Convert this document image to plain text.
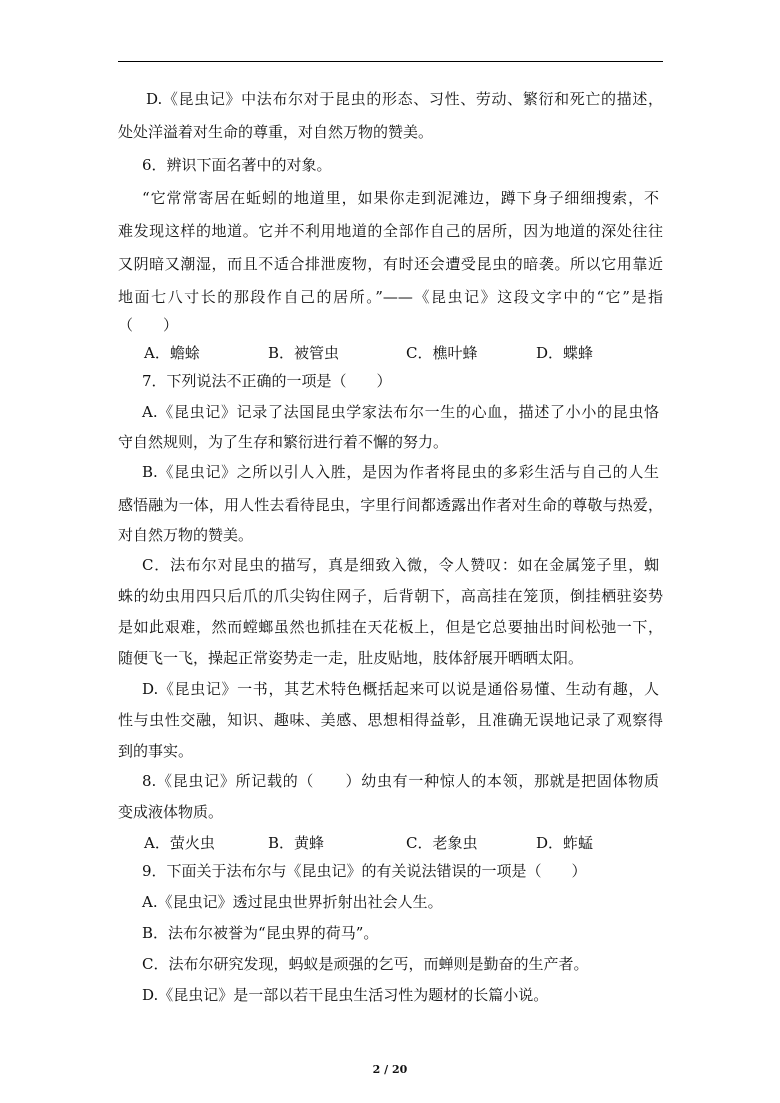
D.《昆虫记》中法布尔对于昆虫的形态、习性、劳动、繁衍和死亡的描述，
处处洋溢着对生命的尊重，对自然万物的赞美。
6．辨识下面名著中的对象。
“它常常寄居在蚯蚓的地道里，如果你走到泥滩边，蹲下身子细细搜索，不
难发现这样的地道。它并不利用地道的全部作自己的居所，因为地道的深处往往
又阴暗又潮湿，而且不适合排泄废物，有时还会遭受昆虫的暗袭。所以它用靠近
地面七八寸长的那段作自己的居所。”——《昆虫记》这段文字中的“它”是指
（　　）
A．蟾蜍	B．被管虫	C．樵叶蜂	D．蝶蜂
7．下列说法不正确的一项是（　　）
A.《昆虫记》记录了法国昆虫学家法布尔一生的心血，描述了小小的昆虫恪
守自然规则，为了生存和繁衍进行着不懈的努力。
B.《昆虫记》之所以引人入胜，是因为作者将昆虫的多彩生活与自己的人生
感悟融为一体，用人性去看待昆虫，字里行间都透露出作者对生命的尊敬与热爱，
对自然万物的赞美。
C．法布尔对昆虫的描写，真是细致入微，令人赞叹：如在金属笼子里，蜘
蛛的幼虫用四只后爪的爪尖钩住网子，后背朝下，高高挂在笼顶，倒挂栖驻姿势
是如此艰难，然而螳螂虽然也抓挂在天花板上，但是它总要抽出时间松弛一下，
随便飞一飞，操起正常姿势走一走，肚皮贴地，肢体舒展开晒晒太阳。
D.《昆虫记》一书，其艺术特色概括起来可以说是通俗易懂、生动有趣，人
性与虫性交融，知识、趣味、美感、思想相得益彰，且准确无误地记录了观察得
到的事实。
8.《昆虫记》所记载的（　　）幼虫有一种惊人的本领，那就是把固体物质
变成液体物质。
A．萤火虫	B．黄蜂	C．老象虫	D．蚱蜢
9．下面关于法布尔与《昆虫记》的有关说法错误的一项是（　　）
A.《昆虫记》透过昆虫世界折射出社会人生。
B．法布尔被誉为“昆虫界的荷马”。
C．法布尔研究发现，蚂蚁是顽强的乞丐，而蝉则是勤奋的生产者。
D.《昆虫记》是一部以若干昆虫生活习性为题材的长篇小说。
2 / 20
